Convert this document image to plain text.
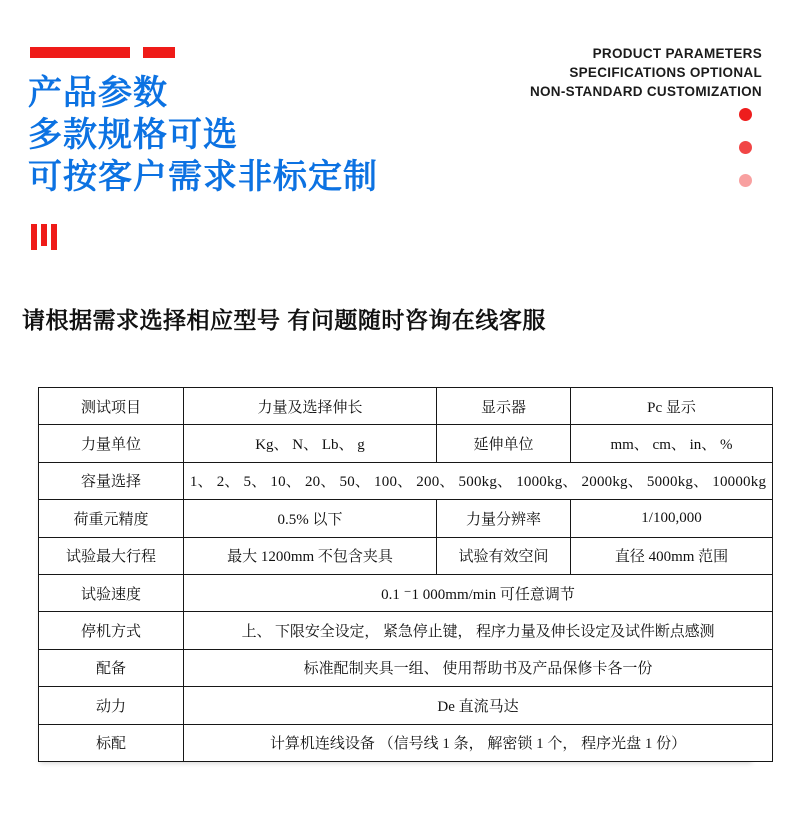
产品参数
多款规格可选
可按客户需求非标定制
PRODUCT PARAMETERS
SPECIFICATIONS OPTIONAL
NON-STANDARD CUSTOMIZATION
请根据需求选择相应型号 有问题随时咨询在线客服
测试项目	力量及选择伸长	显示器	Pc 显示
力量单位	Kg、 N、 Lb、 g	延伸单位	mm、 cm、 in、 %
容量选择	1、 2、 5、 10、 20、 50、 100、 200、 500kg、 1000kg、 2000kg、 5000kg、 10000kg		
荷重元精度	0.5% 以下	力量分辨率	1/100,000
试验最大行程	最大 1200mm 不包含夹具	试验有效空间	直径 400mm 范围
试验速度	0.1 ⁻1 000mm/min 可任意调节		
停机方式	上、 下限安全设定， 紧急停止键， 程序力量及伸长设定及试件断点感测		
配备	标准配制夹具一组、 使用帮助书及产品保修卡各一份		
动力	De 直流马达		
标配	计算机连线设备 （信号线 1 条， 解密锁 1 个， 程序光盘 1 份）		
